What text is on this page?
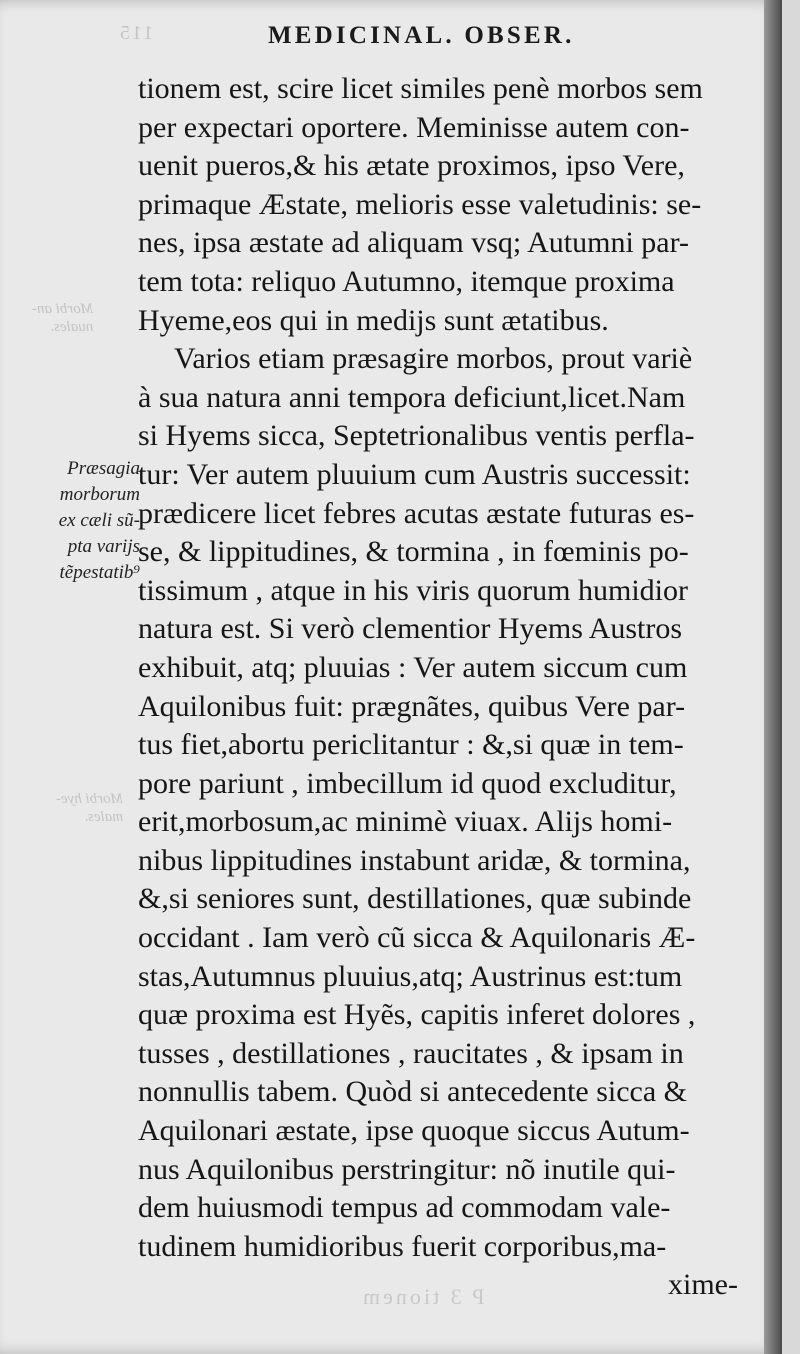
115	MEDICINAL. OBSER.
Morbi an-
nuales.
Morbi hye-
males.
Præsagia
morborum
ex cæli sũ-
pta varijs
tẽpestatib⁹
tionem est, scire licet similes penè morbos sem
per expectari oportere. Meminisse autem con-
uenit pueros,& his ætate proximos, ipso Vere,
primaque Æstate, melioris esse valetudinis: se-
nes, ipsa æstate ad aliquam vsq; Autumni par-
tem tota: reliquo Autumno, itemque proxima
Hyeme,eos qui in medijs sunt ætatibus.
Varios etiam præsagire morbos, prout variè
à sua natura anni tempora deficiunt,licet.Nam
si Hyems sicca, Septetrionalibus ventis perfla-
tur: Ver autem pluuium cum Austris successit:
prædicere licet febres acutas æstate futuras es-
se, & lippitudines, & tormina , in fœminis po-
tissimum , atque in his viris quorum humidior
natura est. Si verò clementior Hyems Austros
exhibuit, atq; pluuias : Ver autem siccum cum
Aquilonibus fuit: prægnãtes, quibus Vere par-
tus fiet,abortu periclitantur : &,si quæ in tem-
pore pariunt , imbecillum id quod excluditur,
erit,morbosum,ac minimè viuax. Alijs homi-
nibus lippitudines instabunt aridæ, & tormina,
&,si seniores sunt, destillationes, quæ subinde
occidant . Iam verò cũ sicca & Aquilonaris Æ-
stas,Autumnus pluuius,atq; Austrinus est:tum
quæ proxima est Hyẽs, capitis inferet dolores ,
tusses , destillationes , raucitates , & ipsam in
nonnullis tabem. Quòd si antecedente sicca &
Aquilonari æstate, ipse quoque siccus Autum-
nus Aquilonibus perstringitur: nõ inutile qui-
dem huiusmodi tempus ad commodam vale-
tudinem humidioribus fuerit corporibus,ma-
xime-
P 3 tionem
